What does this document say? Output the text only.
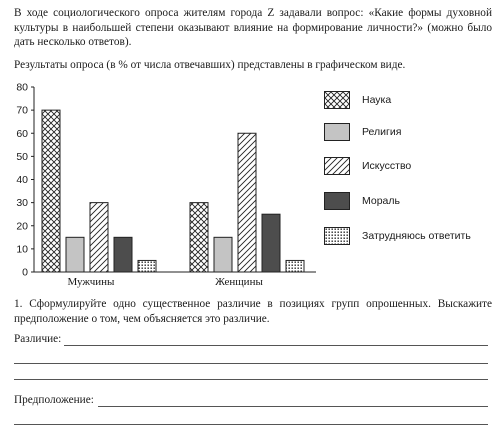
В ходе социологического опроса жителям города Z задавали вопрос: «Какие формы духовной культуры в наибольшей степени оказывают влияние на формирование личности?» (можно было дать несколько ответов).
Результаты опроса (в % от числа отвечавших) представлены в графическом виде.
0
10
20
30
40
50
60
70
80
Мужчины	Женщины
Наука
Религия
Искусство
Мораль
Затрудняюсь ответить
1. Сформулируйте одно существенное различие в позициях групп опрошенных. Выскажите предположение о том, чем объясняется это различие.
Различие:
Предположение:
